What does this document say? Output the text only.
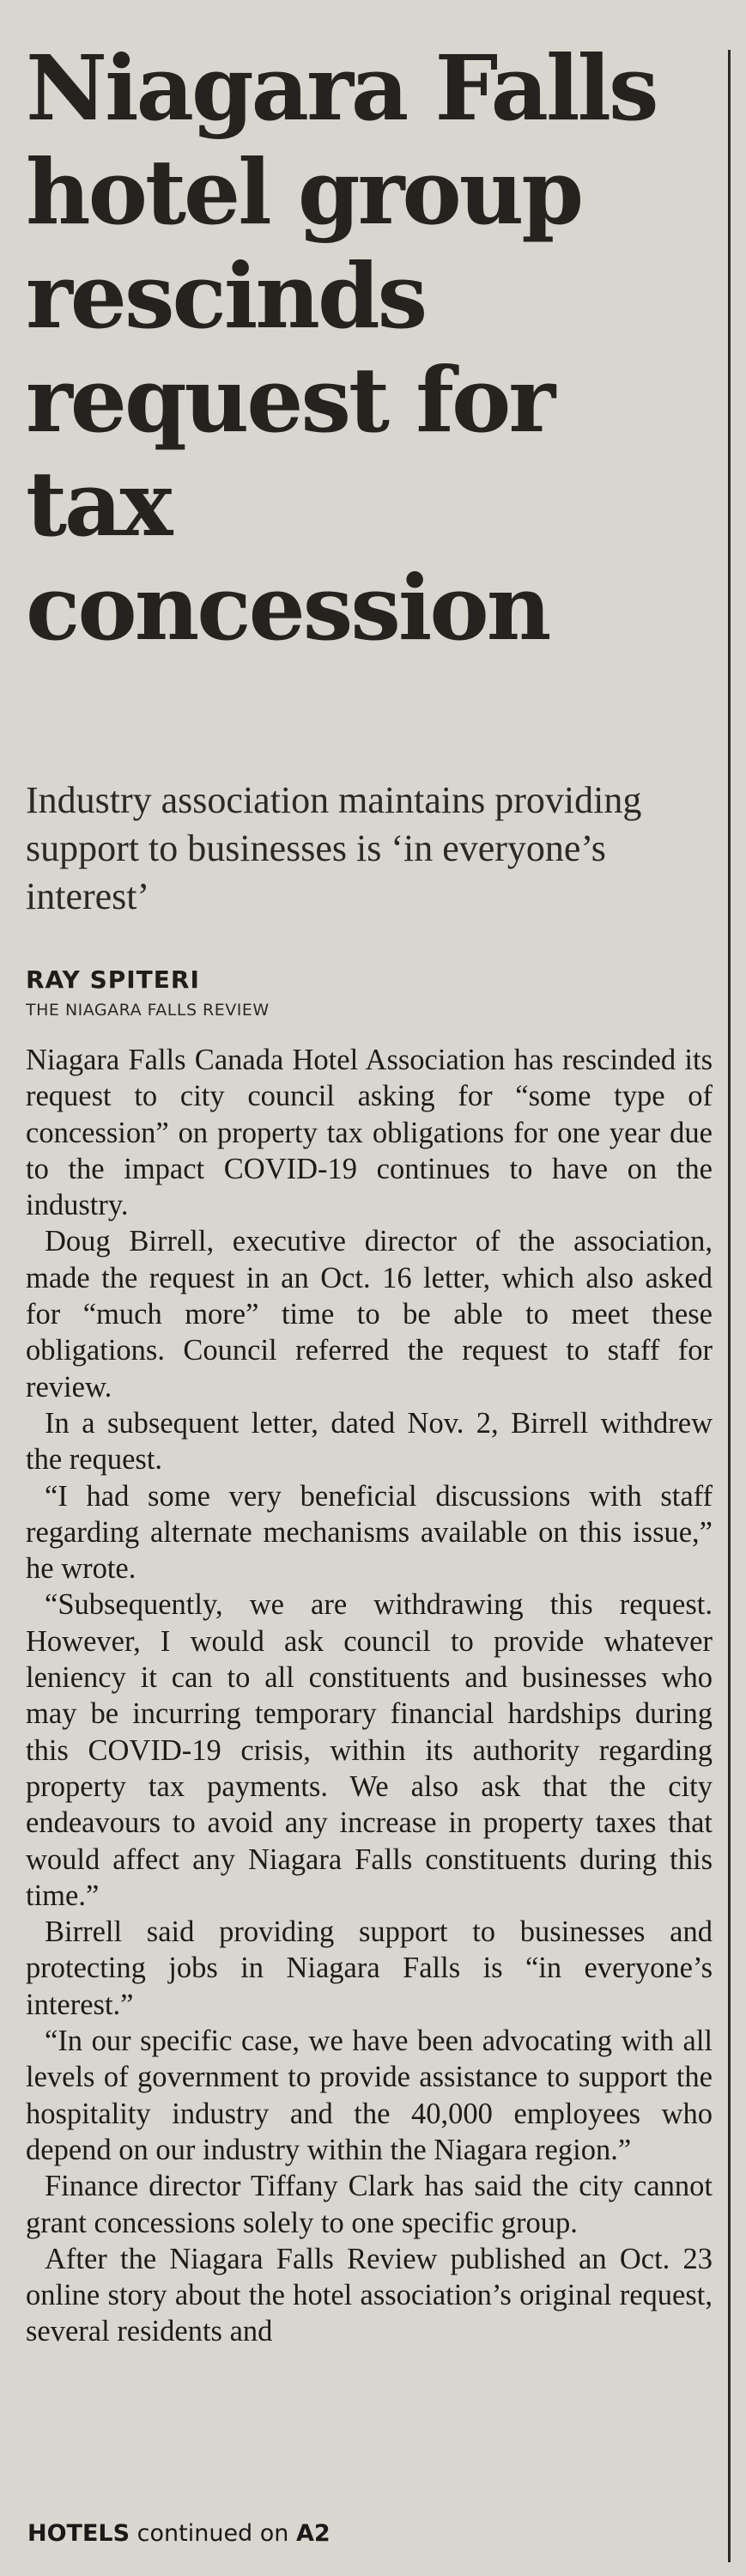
Niagara Falls hotel group rescinds request for tax concession

Industry association maintains providing support to businesses is ‘in everyone’s interest’

RAY SPITERI
THE NIAGARA FALLS REVIEW

Niagara Falls Canada Hotel Association has rescinded its request to city council asking for “some type of concession” on property tax obligations for one year due to the impact COVID-19 continues to have on the industry.

Doug Birrell, executive director of the association, made the request in an Oct. 16 letter, which also asked for “much more” time to be able to meet these obligations. Council referred the request to staff for review.

In a subsequent letter, dated Nov. 2, Birrell withdrew the request.

“I had some very beneficial discussions with staff regarding alternate mechanisms available on this issue,” he wrote.

“Subsequently, we are withdrawing this request. However, I would ask council to provide whatever leniency it can to all constituents and businesses who may be incurring temporary financial hardships during this COVID-19 crisis, within its authority regarding property tax payments. We also ask that the city endeavours to avoid any increase in property taxes that would affect any Niagara Falls constituents during this time.”

Birrell said providing support to businesses and protecting jobs in Niagara Falls is “in everyone’s interest.”

“In our specific case, we have been advocating with all levels of government to provide assistance to support the hospitality industry and the 40,000 employees who depend on our industry within the Niagara region.”

Finance director Tiffany Clark has said the city cannot grant concessions solely to one specific group.

After the Niagara Falls Review published an Oct. 23 online story about the hotel association’s original request, several residents and

HOTELS continued on A2
